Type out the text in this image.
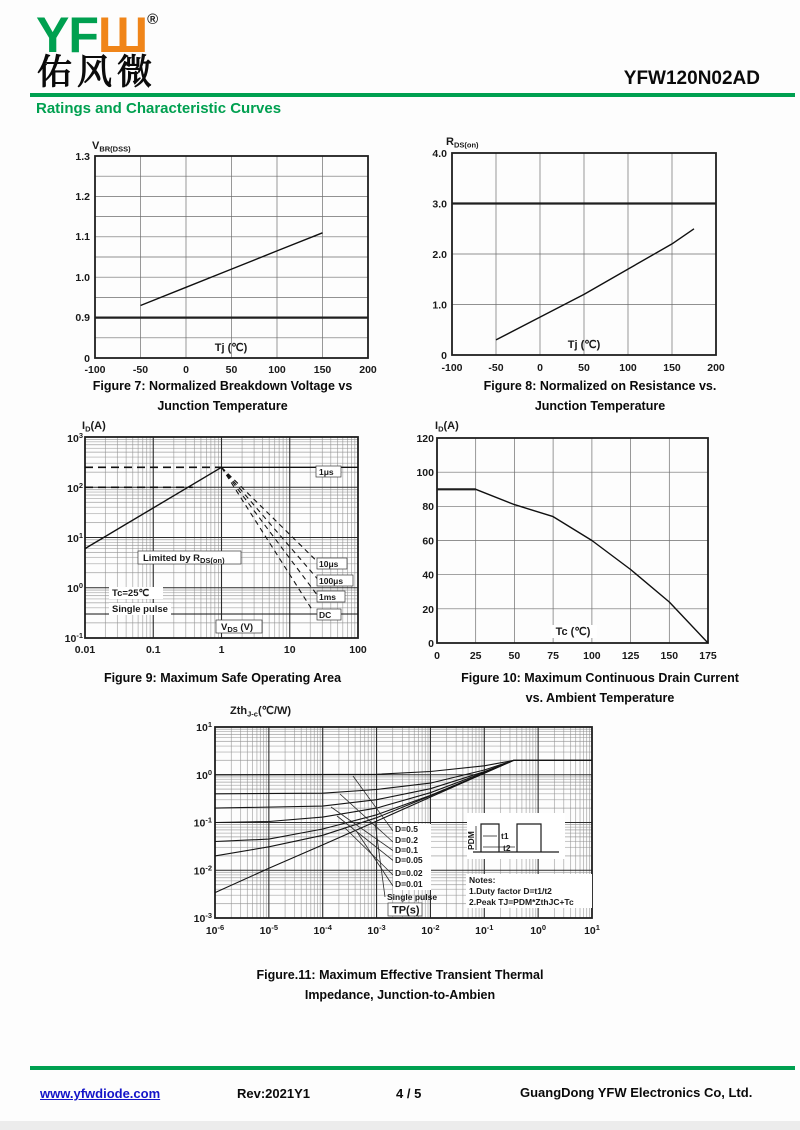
YFШ®
佑风微	YFW120N02AD
Ratings and Characteristic Curves
$V_{BR(DSS)}$
1.3
1.2
1.1
1.0
0.9
0
-100	-50	0	50	100	150	200
Tj (℃)
Figure 7: Normalized Breakdown Voltage vs
Junction Temperature
$R_{DS(on)}$
4.0
3.0
2.0
1.0
0
-100 -50	0	50	100	150	200
Tj (℃)
Figure 8: Normalized on Resistance vs.
Junction Temperature
$I_D(A)$
$10^3$
$10^2$
$10^1$
$10^0$
$10^{-1}$
0.01	0.1	1	10	100
Limited by $R_{DS(on)}$
Tc=25℃
Single pulse
$V_{DS}$ (V)
1μs
10μs
100μs
1ms
DC
Figure 9: Maximum Safe Operating Area
$I_D(A)$
120
100
80
60
40
20
0
0	25	50	75 100 125 150 175
Tc (℃)
Figure 10: Maximum Continuous Drain Current
vs. Ambient Temperature
Zth$_{J-c}$(℃/W)
$10^1$
$10^0$
$10^{-1}$
$10^{-2}$
$10^{-3}$
$10^{-6}$	$10^{-5}$	$10^{-4}$	$10^{-3}$	$10^{-2}$	$10^{-1}$	$10^0$	$10^1$
D=0.5
D=0.2
D=0.1
D=0.05
D=0.02
D=0.01
Single pulse
TP(s)
PDM	t1
t2
Notes:
1.Duty factor D=t1/t2
2.Peak TJ=PDM*ZthJC+Tc
Figure.11: Maximum Effective Transient Thermal
Impedance, Junction-to-Ambien
www.yfwdiode.com	Rev:2021Y1	4 / 5	GuangDong YFW Electronics Co, Ltd.
